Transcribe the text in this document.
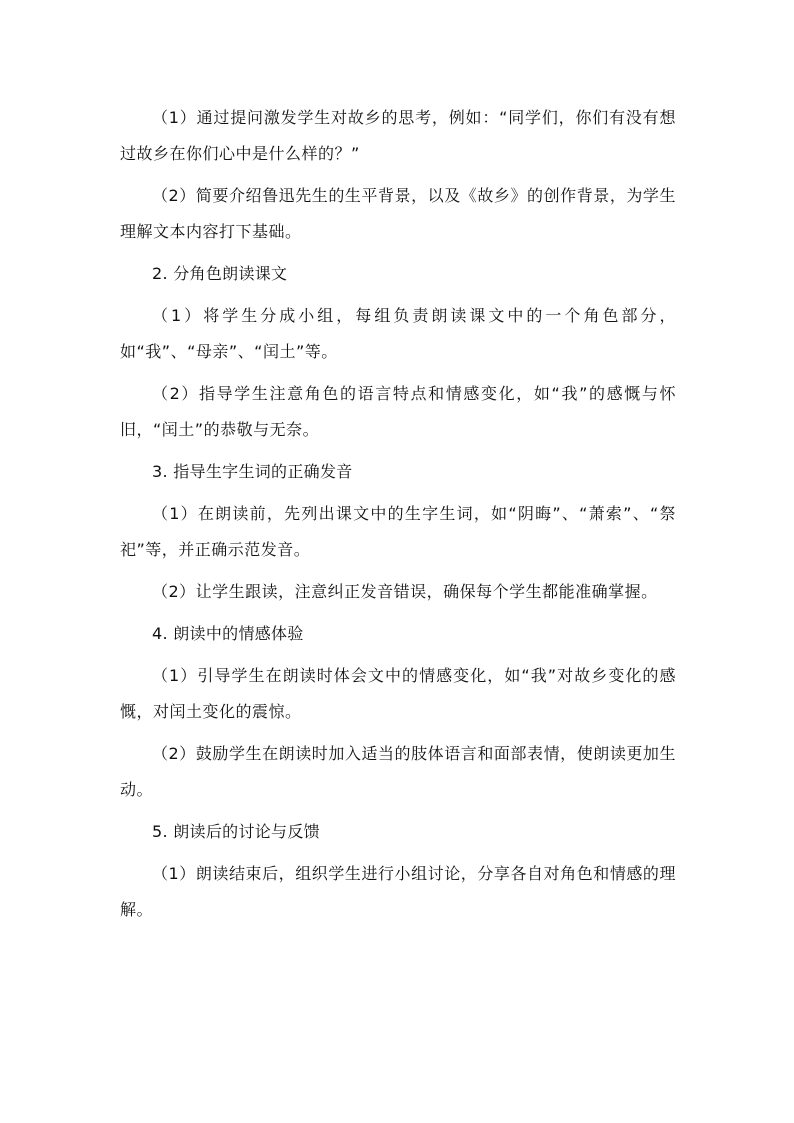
（1）通过提问激发学生对故乡的思考，例如：“同学们，你们有没有想过故乡在你们心中是什么样的？”

（2）简要介绍鲁迅先生的生平背景，以及《故乡》的创作背景，为学生理解文本内容打下基础。

2. 分角色朗读课文

（1）将学生分成小组，每组负责朗读课文中的一个角色部分，如“我”、“母亲”、“闰土”等。

（2）指导学生注意角色的语言特点和情感变化，如“我”的感慨与怀旧，“闰土”的恭敬与无奈。

3. 指导生字生词的正确发音

（1）在朗读前，先列出课文中的生字生词，如“阴晦”、“萧索”、“祭祀”等，并正确示范发音。

（2）让学生跟读，注意纠正发音错误，确保每个学生都能准确掌握。

4. 朗读中的情感体验

（1）引导学生在朗读时体会文中的情感变化，如“我”对故乡变化的感慨，对闰土变化的震惊。

（2）鼓励学生在朗读时加入适当的肢体语言和面部表情，使朗读更加生动。

5. 朗读后的讨论与反馈

（1）朗读结束后，组织学生进行小组讨论，分享各自对角色和情感的理解。
